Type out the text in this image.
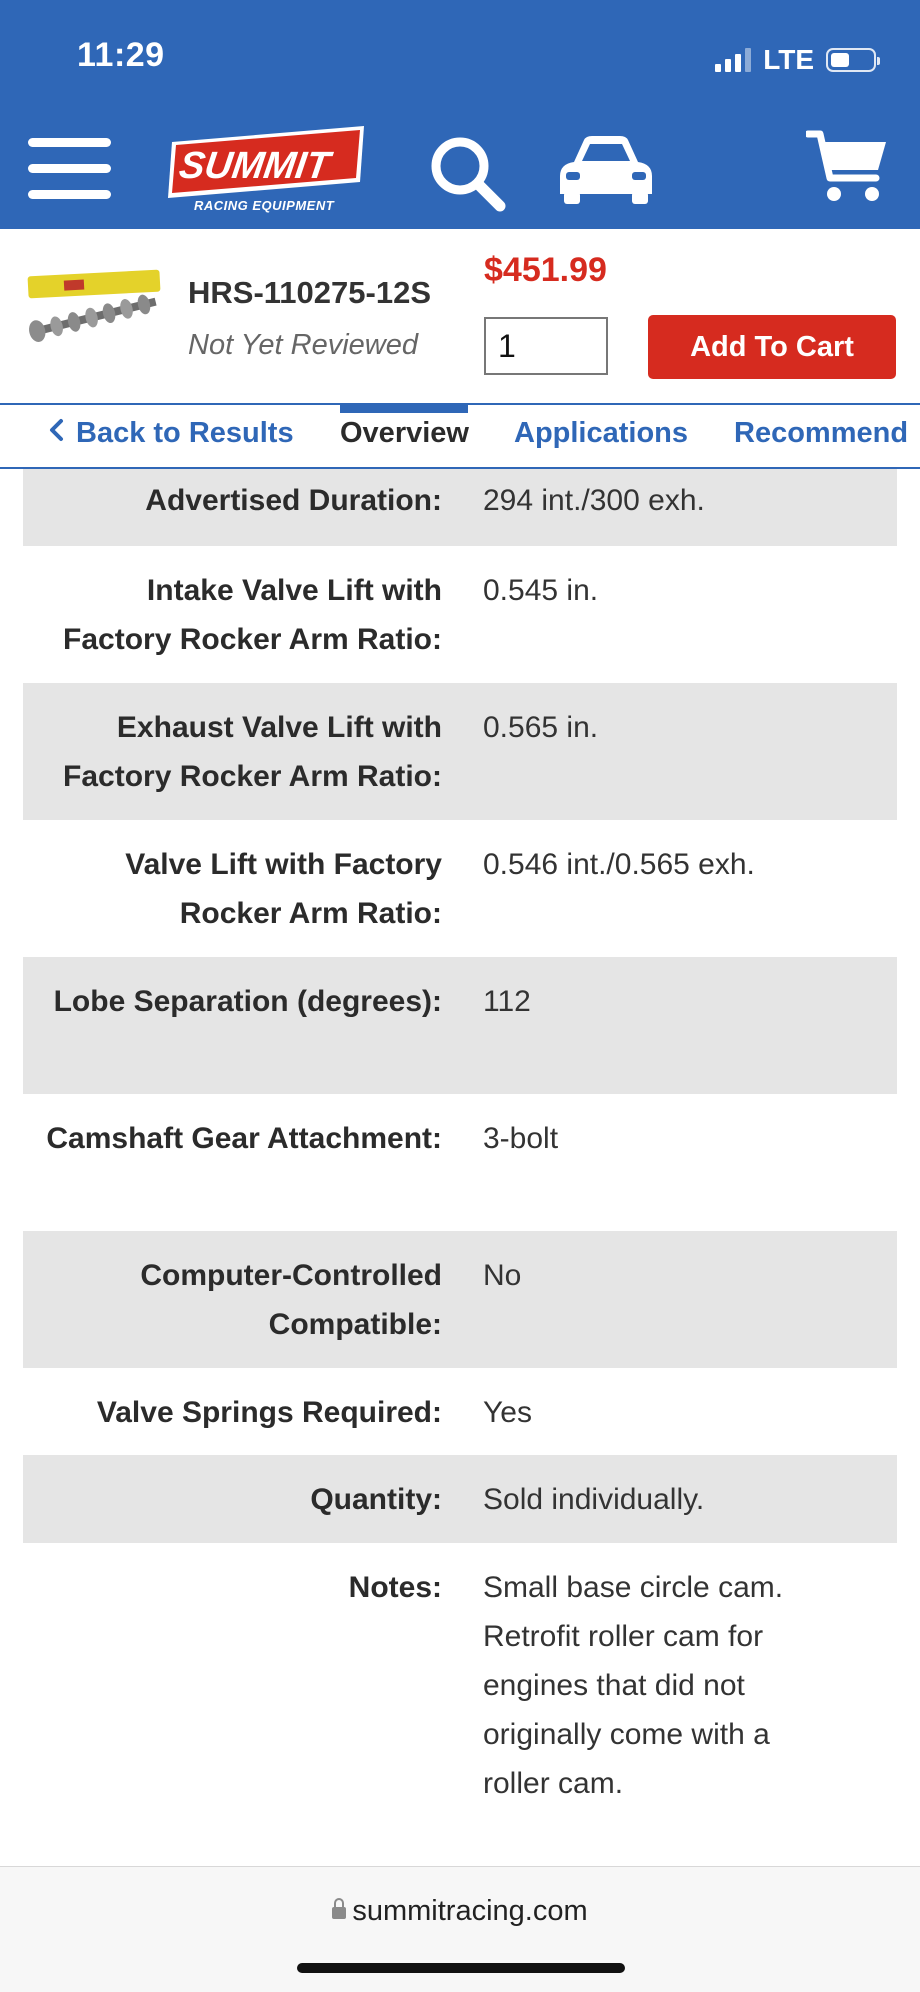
11:29	LTE
SUMMIT
RACING EQUIPMENT
HRS-110275-12S
Not Yet Reviewed
$451.99
1
Add To Cart
Back to Results Overview Applications Recommend
Advertised Duration: 294 int./300 exh.
Intake Valve Lift with Factory Rocker Arm Ratio:
0.545 in.
Exhaust Valve Lift with Factory Rocker Arm Ratio:
0.565 in.
Valve Lift with Factory Rocker Arm Ratio:
0.546 int./0.565 exh.
Lobe Separation (degrees): 112
Camshaft Gear Attachment: 3-bolt
Computer-Controlled Compatible:
No
Valve Springs Required: Yes
Quantity: Sold individually.
Notes: Small base circle cam. Retrofit roller cam for engines that did not originally come with a roller cam.
summitracing.com
